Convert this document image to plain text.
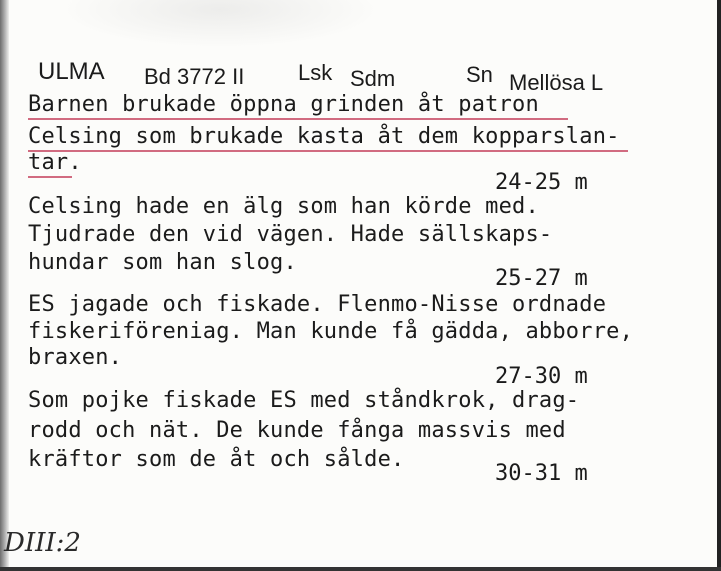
ULMA Bd 3772 II Lsk Sdm	Sn Mellösa L
Barnen brukade öppna grinden åt patron
Celsing som brukade kasta åt dem kopparslan-
tar.
24-25 m
Celsing hade en älg som han körde med.
Tjudrade den vid vägen. Hade sällskaps-
hundar som han slog.
25-27 m
ES jagade och fiskade. Flenmo-Nisse ordnade
fiskeriföreniag. Man kunde få gädda, abborre,
braxen.
27-30 m
Som pojke fiskade ES med ståndkrok, drag-
rodd och nät. De kunde fånga massvis med
kräftor som de åt och sålde.
30-31 m
DIII:2
